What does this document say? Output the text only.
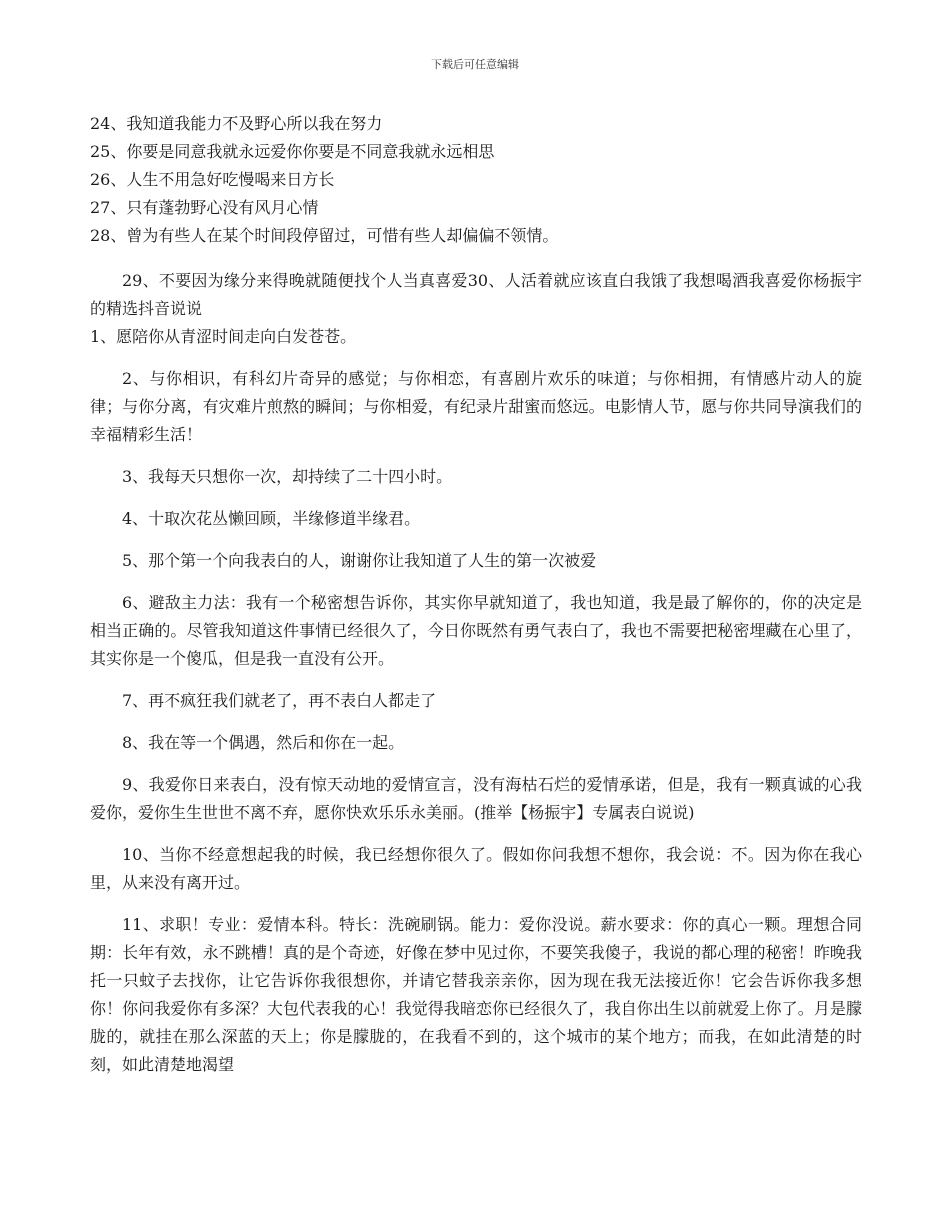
下载后可任意编辑

24、我知道我能力不及野心所以我在努力

25、你要是同意我就永远爱你你要是不同意我就永远相思

26、人生不用急好吃慢喝来日方长

27、只有蓬勃野心没有风月心情

28、曾为有些人在某个时间段停留过，可惜有些人却偏偏不领情。

29、不要因为缘分来得晚就随便找个人当真喜爱30、人活着就应该直白我饿了我想喝酒我喜爱你杨振宇的精选抖音说说

1、愿陪你从青涩时间走向白发苍苍。

2、与你相识，有科幻片奇异的感觉；与你相恋，有喜剧片欢乐的味道；与你相拥，有情感片动人的旋律；与你分离，有灾难片煎熬的瞬间；与你相爱，有纪录片甜蜜而悠远。电影情人节，愿与你共同导演我们的幸福精彩生活！

3、我每天只想你一次，却持续了二十四小时。

4、十取次花丛懒回顾，半缘修道半缘君。

5、那个第一个向我表白的人，谢谢你让我知道了人生的第一次被爱

6、避敌主力法：我有一个秘密想告诉你，其实你早就知道了，我也知道，我是最了解你的，你的决定是相当正确的。尽管我知道这件事情已经很久了，今日你既然有勇气表白了，我也不需要把秘密埋藏在心里了，其实你是一个傻瓜，但是我一直没有公开。

7、再不疯狂我们就老了，再不表白人都走了

8、我在等一个偶遇，然后和你在一起。

9、我爱你日来表白，没有惊天动地的爱情宣言，没有海枯石烂的爱情承诺，但是，我有一颗真诚的心我爱你，爱你生生世世不离不弃，愿你快欢乐乐永美丽。(推举【杨振宇】专属表白说说)

10、当你不经意想起我的时候，我已经想你很久了。假如你问我想不想你，我会说：不。因为你在我心里，从来没有离开过。

11、求职！专业：爱情本科。特长：洗碗刷锅。能力：爱你没说。薪水要求：你的真心一颗。理想合同期：长年有效，永不跳槽！真的是个奇迹，好像在梦中见过你，不要笑我傻子，我说的都心理的秘密！昨晚我托一只蚊子去找你，让它告诉你我很想你，并请它替我亲亲你，因为现在我无法接近你！它会告诉你我多想你！你问我爱你有多深？大包代表我的心！我觉得我暗恋你已经很久了，我自你出生以前就爱上你了。月是朦胧的，就挂在那么深蓝的天上；你是朦胧的，在我看不到的，这个城市的某个地方；而我，在如此清楚的时刻，如此清楚地渴望
